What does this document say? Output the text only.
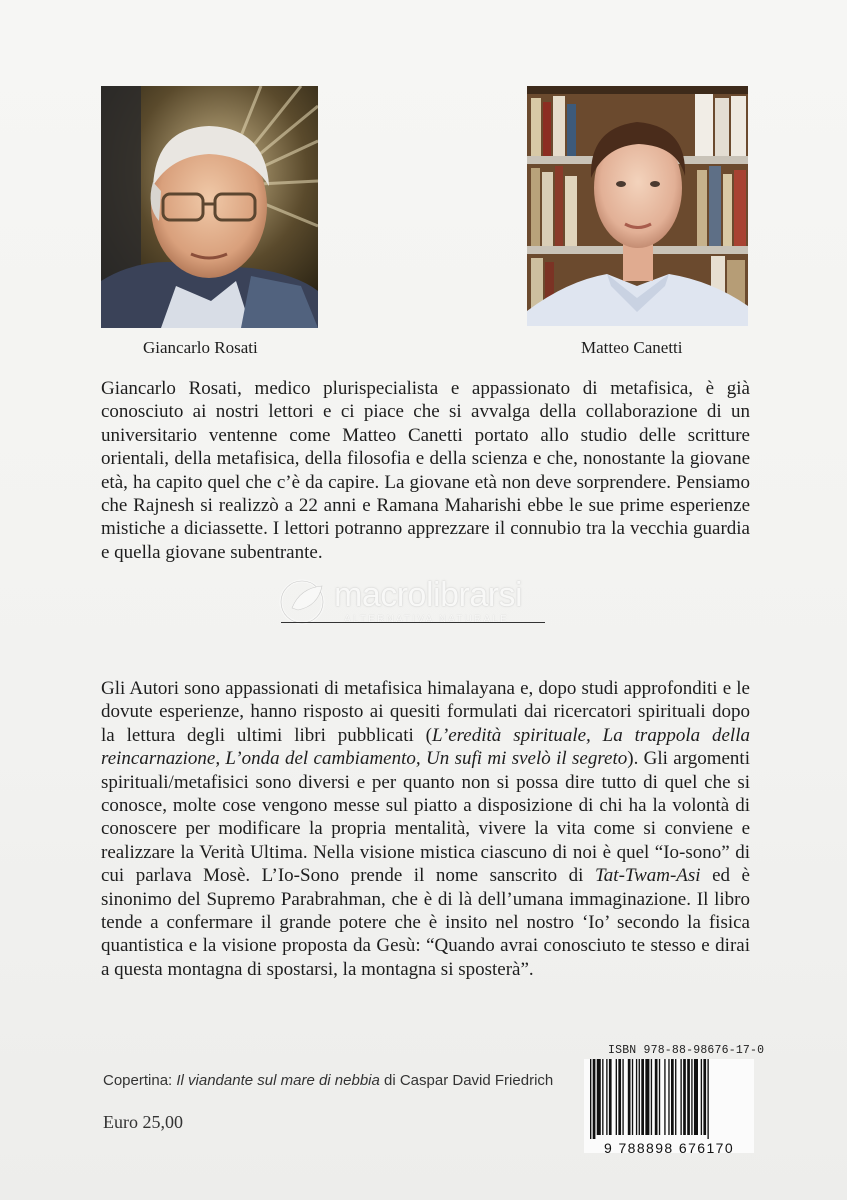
Giancarlo Rosati	Matteo Canetti
Giancarlo Rosati, medico plurispecialista e appassionato di metafisica, è già conosciuto ai nostri lettori e ci piace che si avvalga della collaborazione di un universitario ventenne come Matteo Canetti portato allo studio delle scritture orientali, della metafisica, della filosofia e della scienza e che, nonostante la giovane età, ha capito quel che c’è da capire. La giovane età non deve sorprendere. Pensiamo che Rajnesh si realizzò a 22 anni e Ramana Maharishi ebbe le sue prime esperienze mistiche a diciassette. I lettori potranno apprezzare il connubio tra la vecchia guardia e quella giovane subentrante.
macrolibrarsi
ALTERNATIVA NATURALE
Gli Autori sono appassionati di metafisica himalayana e, dopo studi approfonditi e le dovute esperienze, hanno risposto ai quesiti formulati dai ricercatori spirituali dopo la lettura degli ultimi libri pubblicati (L’eredità spirituale, La trappola della reincarnazione, L’onda del cambiamento, Un sufi mi svelò il segreto). Gli argomenti spirituali/metafisici sono diversi e per quanto non si possa dire tutto di quel che si conosce, molte cose vengono messe sul piatto a disposizione di chi ha la volontà di conoscere per modificare la propria mentalità, vivere la vita come si conviene e realizzare la Verità Ultima. Nella visione mistica ciascuno di noi è quel “Io-sono” di cui parlava Mosè. L’Io-Sono prende il nome sanscrito di Tat-Twam-Asi ed è sinonimo del Supremo Parabrahman, che è di là dell’umana immaginazione. Il libro tende a confermare il grande potere che è insito nel nostro ‘Io’ secondo la fisica quantistica e la visione proposta da Gesù: “Quando avrai conosciuto te stesso e dirai a questa montagna di spostarsi, la montagna si sposterà”.
Copertina: Il viandante sul mare di nebbia di Caspar David Friedrich
Euro 25,00
ISBN 978-88-98676-17-0
9 788898 676170
